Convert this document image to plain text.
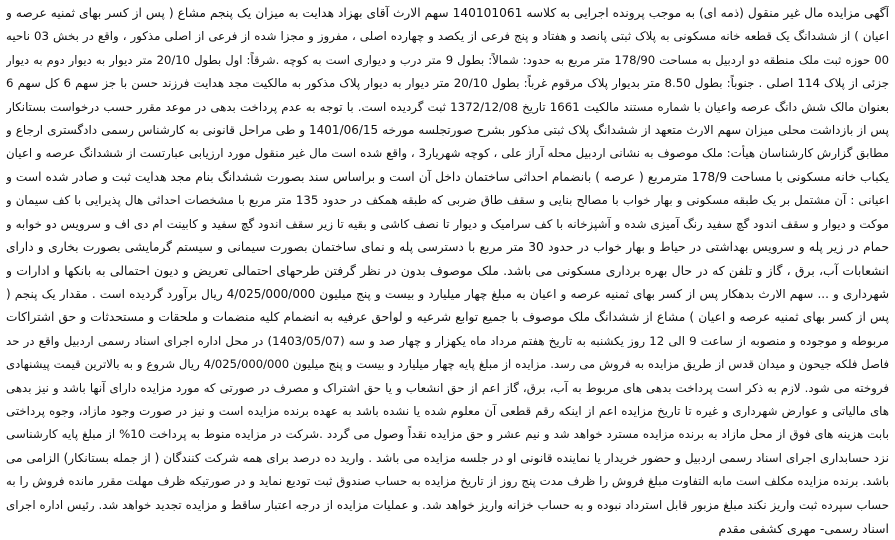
آگهی مزایده مال غیر منقول (ذمه ای) به موجب پرونده اجرایی به کلاسه 140101061 سهم الارث آقای بهزاد هدایت به میزان یک پنجم مشاع ( پس از کسر بهای ثمنیه عرصه و
اعیان ) از ششدانگ یک قطعه خانه مسکونی به پلاک ثبتی پانصد و هفتاد و پنج فرعی از یکصد و چهارده اصلی ، مفروز و مجزا شده از فرعی از اصلی مذکور ، واقع در بخش 03 ناحیه
00 حوزه ثبت ملک منطقه دو اردبیل به مساحت 178/90 متر مربع به حدود: شمالاً: بطول 9 متر درب و دیواری است به کوچه .شرقاً: اول بطول 20/10 متر دیوار به دیوار دوم به دیوار
جزئی از پلاک 114 اصلی . جنوباً: بطول 8.50 متر بدیوار پلاک مرقوم غرباً: بطول 20/10 متر دیوار به دیوار پلاک مذکور به مالکیت مجد هدایت فرزند حسن با جز سهم 6 کل سهم 6
بعنوان مالک شش دانگ عرصه واعیان با شماره مستند مالکیت 1661 تاریخ 1372/12/08 ثبت گردیده است. با توجه به عدم پرداخت بدهی در موعد مقرر حسب درخواست بستانکار
پس از بازداشت محلی میزان سهم الارث متعهد از ششدانگ پلاک ثبتی مذکور بشرح صورتجلسه مورخه 1401/06/15 و طی مراحل قانونی به کارشناس رسمی دادگستری ارجاع و
مطابق گزارش کارشناسان هیأت: ملک موصوف به نشانی اردبیل محله آراز علی ، کوچه شهریار3 ، واقع شده است مال غیر منقول مورد ارزیابی عبارتست از ششدانگ عرصه و اعیان
یکباب خانه مسکونی با مساحت 178/9 مترمربع ( عرصه ) بانضمام احداثی ساختمان داخل آن است و براساس سند بصورت ششدانگ بنام مجد هدایت ثبت و صادر شده است و
اعیانی : آن مشتمل بر یک طبقه مسکونی و بهار خواب با مصالح بنایی و سقف طاق ضربی که طبقه همکف در حدود 135 متر مربع با مشخصات احداثی هال پذیرایی با کف سیمان و
موکت و دیوار و سقف اندود گچ سفید رنگ آمیزی شده و آشپزخانه با کف سرامیک و دیوار تا نصف کاشی و بقیه تا زیر سقف اندود گچ سفید و کابینت ام دی اف و سرویس دو خوابه و
حمام در زیر پله و سرویس بهداشتی در حیاط و بهار خواب در حدود 30 متر مربع با دسترسی پله و نمای ساختمان بصورت سیمانی و سیستم گرمایشی بصورت بخاری و دارای
انشعابات آب، برق ، گاز و تلفن که در حال بهره برداری مسکونی می باشد. ملک موصوف بدون در نظر گرفتن طرحهای احتمالی تعریض و دیون احتمالی به بانکها و ادارات و
شهرداری و ... سهم الارث بدهکار پس از کسر بهای ثمنیه عرصه و اعیان به مبلغ چهار میلیارد و بیست و پنج میلیون 4/025/000/000 ریال برآورد گردیده است . مقدار یک پنجم (
پس از کسر بهای ثمنیه عرصه و اعیان ) مشاع از ششدانگ ملک موصوف با جمیع توابع شرعیه و لواحق عرفیه به انضمام کلیه منضمات و ملحقات و مستحدثات و حق اشتراکات
مربوطه و موجوده و منصوبه از ساعت 9 الی 12 روز یکشنبه به تاریخ هفتم مرداد ماه یکهزار و چهار صد و سه (1403/05/07) در محل اداره اجرای اسناد رسمی اردبیل واقع در حد
فاصل فلکه جیحون و میدان قدس از طریق مزایده به فروش می رسد. مزایده از مبلغ پایه چهار میلیارد و بیست و پنج میلیون 4/025/000/000 ریال شروع و به بالاترین قیمت پیشنهادی
فروخته می شود. لازم به ذکر است پرداخت بدهی های مربوط به آب، برق، گاز اعم از حق انشعاب و یا حق اشتراک و مصرف در صورتی که مورد مزایده دارای آنها باشد و نیز بدهی
های مالیاتی و عوارض شهرداری و غیره تا تاریخ مزایده اعم از اینکه رقم قطعی آن معلوم شده یا نشده باشد به عهده برنده مزایده است و نیز در صورت وجود مازاد، وجوه پرداختی
بابت هزینه های فوق از محل مازاد به برنده مزایده مسترد خواهد شد و نیم عشر و حق مزایده نقداً وصول می گردد .شرکت در مزایده منوط به پرداخت 10% از مبلغ پایه کارشناسی
نزد حسابداری اجرای اسناد رسمی اردبیل و حضور خریدار یا نماینده قانونی او در جلسه مزایده می باشد . وارید ده درصد برای همه شرکت کنندگان ( از جمله بستانکار) الزامی می
باشد. برنده مزایده مکلف است مابه التفاوت مبلغ فروش را ظرف مدت پنج روز از تاریخ مزایده به حساب صندوق ثبت تودیع نماید و در صورتیکه ظرف مهلت مقرر مانده فروش را به
حساب سپرده ثبت واریز نکند مبلغ مزبور قابل استرداد نبوده و به حساب خزانه واریز خواهد شد. و عملیات مزایده از درجه اعتبار ساقط و مزایده تجدید خواهد شد. رئیس اداره اجرای
اسناد رسمی- مهری کشفی مقدم
